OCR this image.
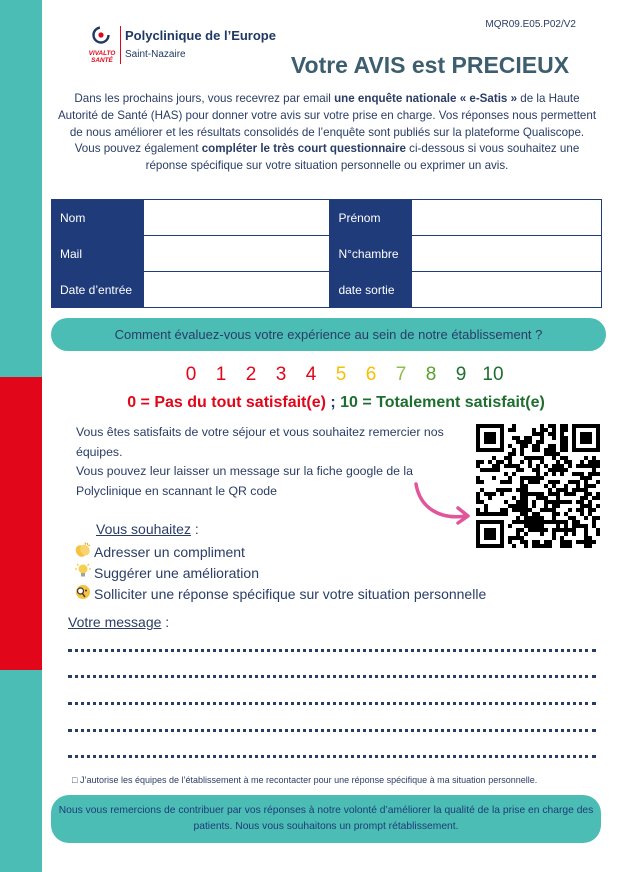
MQR09.E05.P02/V2
VIVALTO
SANTÉ
Polyclinique de l’Europe
Saint-Nazaire	Votre AVIS est PRECIEUX
Dans les prochains jours, vous recevrez par email une enquête nationale « e-Satis » de la Haute Autorité de Santé (HAS) pour donner votre avis sur votre prise en charge. Vos réponses nous permettent de nous améliorer et les résultats consolidés de l’enquête sont publiés sur la plateforme Qualiscope. Vous pouvez également compléter le très court questionnaire ci-dessous si vous souhaitez une réponse spécifique sur votre situation personnelle ou exprimer un avis.
Nom		Prénom	
Mail		N°chambre	
Date d’entrée		date sortie	
Comment évaluez-vous votre expérience au sein de notre établissement ?
0 1 2 3 4 5 6 7 8 9 10
0 = Pas du tout satisfait(e) ; 10 = Totalement satisfait(e)
Vous êtes satisfaits de votre séjour et vous souhaitez remercier nos équipes.
Vous pouvez leur laisser un message sur la fiche google de la Polyclinique en scannant le QR code
Vous souhaitez :
Adresser un compliment
Suggérer une amélioration
Solliciter une réponse spécifique sur votre situation personnelle
Votre message :
□ J’autorise les équipes de l’établissement à me recontacter pour une réponse spécifique à ma situation personnelle.
Nous vous remercions de contribuer par vos réponses à notre volonté d’améliorer la qualité de la prise en charge des patients. Nous vous souhaitons un prompt rétablissement.
